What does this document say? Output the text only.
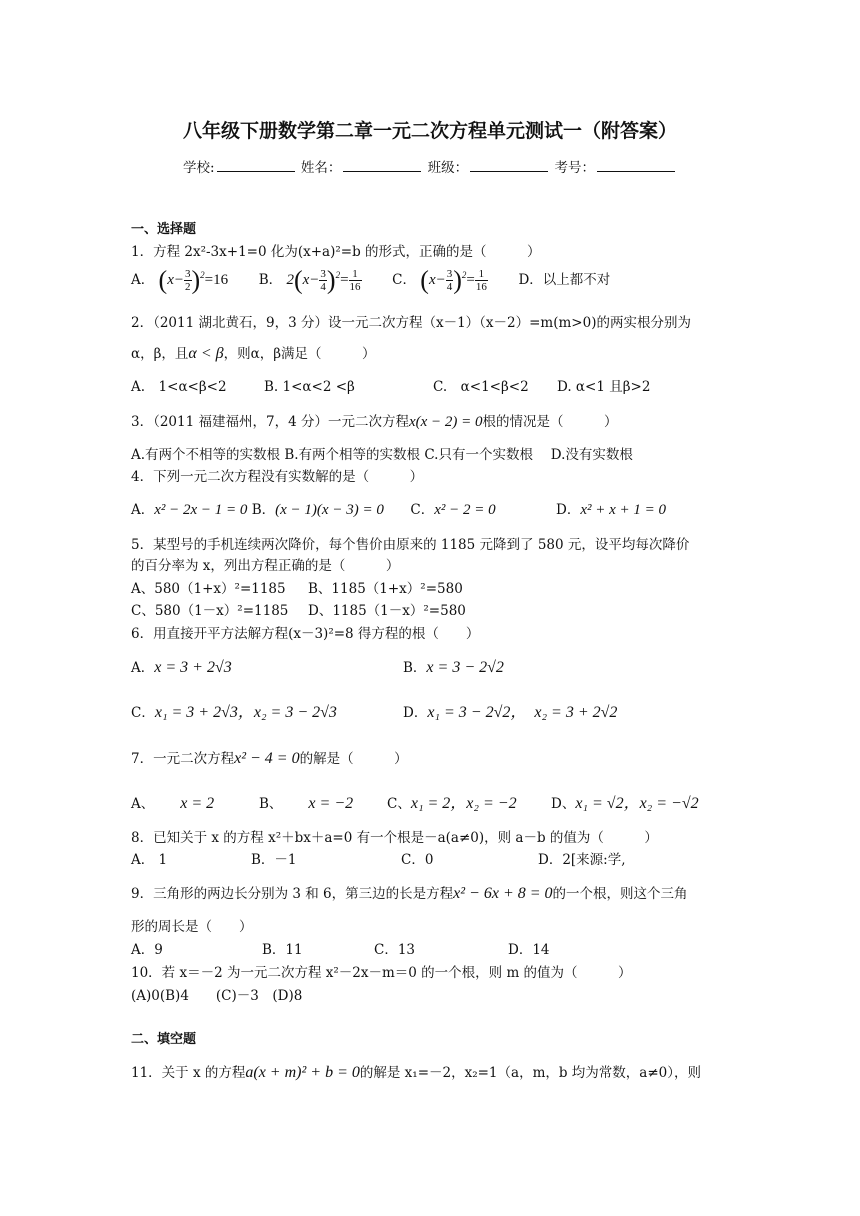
八年级下册数学第二章一元二次方程单元测试一（附答案）
学校:	姓名：	班级：	考号：
一、选择题
1．方程 2x²-3x+1=0 化为(x+a)²=b 的形式，正确的是（　　　）
A． $(x- \frac{3}{2} )^2=16$ B． $2(x- \frac{3}{4} )^2= \frac{1}{16}$ C． $(x- \frac{3}{4} )^2= \frac{1}{16}$ D．以上都不对
2．（2011 湖北黄石，9，3 分）设一元二次方程（x－1）（x－2）=m(m>0)的两实根分别为
α，β，且α < β，则α，β满足（　　　）
A.　1<α<β<2	B. 1<α<2 <β	C.　α<1<β<2 D. α<1 且β>2
3．（2011 福建福州，7，4 分）一元二次方程x(x − 2) = 0根的情况是（　　　）
A.有两个不相等的实数根 B.有两个相等的实数根 C.只有一个实数根　 D.没有实数根
4．下列一元二次方程没有实数解的是（　　　）
A．x² − 2x − 1 = 0 B．(x − 1)(x − 3) = 0 C．x² − 2 = 0	D．x² + x + 1 = 0
5．某型号的手机连续两次降价，每个售价由原来的 1185 元降到了 580 元，设平均每次降价
的百分率为 x，列出方程正确的是（　　　）
A、580（1+x）²=1185 B、1185（1+x）²=580
C、580（1－x）²=1185 D、1185（1－x）²=580
6．用直接开平方法解方程(x－3)²=8 得方程的根（　　）
A．x = 3 + 2√3	B．x = 3 − 2√2
C．x₁ = 3 + 2√3，x₂ = 3 − 2√3	D．x₁ = 3 − 2√2，　x₂ = 3 + 2√2
7．一元二次方程x² − 4 = 0的解是（　　　）
A、 x = 2	B、 x = −2	C、x₁ = 2，x₂ = −2	D、x₁ = √2，x₂ = −√2
8．已知关于 x 的方程 x²＋bx＋a=0 有一个根是－a(a≠0)，则 a－b 的值为（　　　）
A． 1	B．－1	C．0	D．2[来源:学,
9．三角形的两边长分别为 3 和 6，第三边的长是方程x² − 6x + 8 = 0的一个根，则这个三角
形的周长是（　　）
A．9	B．11	C．13	D．14
10．若 x＝－2 为一元二次方程 x²－2x－m＝0 的一个根，则 m 的值为（　　　）
(A)0(B)4　　(C)－3　(D)8
二、填空题
11．关于 x 的方程a(x + m)² + b = 0的解是 x₁=－2，x₂=1（a，m，b 均为常数，a≠0），则
